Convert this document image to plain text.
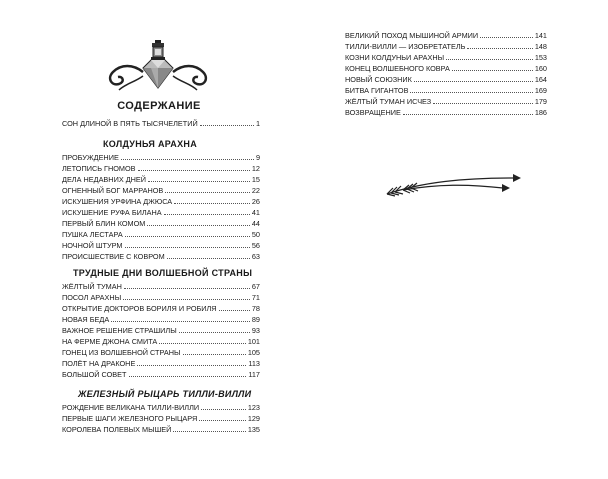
СОДЕРЖАНИЕ
СОН ДЛИНОЙ В ПЯТЬ ТЫСЯЧЕЛЕТИЙ	1
КОЛДУНЬЯ АРАХНА
ПРОБУЖДЕНИЕ	9
ЛЕТОПИСЬ ГНОМОВ	12
ДЕЛА НЕДАВНИХ ДНЕЙ	15
ОГНЕННЫЙ БОГ МАРРАНОВ	22
ИСКУШЕНИЯ УРФИНА ДЖЮСА	26
ИСКУШЕНИЕ РУФА БИЛАНА	41
ПЕРВЫЙ БЛИН КОМОМ	44
ПУШКА ЛЕСТАРА	50
НОЧНОЙ ШТУРМ	56
ПРОИСШЕСТВИЕ С КОВРОМ	63
ТРУДНЫЕ ДНИ ВОЛШЕБНОЙ СТРАНЫ
ЖЁЛТЫЙ ТУМАН	67
ПОСОЛ АРАХНЫ	71
ОТКРЫТИЕ ДОКТОРОВ БОРИЛЯ И РОБИЛЯ	78
НОВАЯ БЕДА	89
ВАЖНОЕ РЕШЕНИЕ СТРАШИЛЫ	93
НА ФЕРМЕ ДЖОНА СМИТА	101
ГОНЕЦ ИЗ ВОЛШЕБНОЙ СТРАНЫ	105
ПОЛЁТ НА ДРАКОНЕ	113
БОЛЬШОЙ СОВЕТ	117
ЖЕЛЕЗНЫЙ РЫЦАРЬ ТИЛЛИ-ВИЛЛИ
РОЖДЕНИЕ ВЕЛИКАНА ТИЛЛИ-ВИЛЛИ	123
ПЕРВЫЕ ШАГИ ЖЕЛЕЗНОГО РЫЦАРЯ	129
КОРОЛЕВА ПОЛЕВЫХ МЫШЕЙ	135
ВЕЛИКИЙ ПОХОД МЫШИНОЙ АРМИИ	141
ТИЛЛИ-ВИЛЛИ — ИЗОБРЕТАТЕЛЬ	148
КОЗНИ КОЛДУНЬИ АРАХНЫ	153
КОНЕЦ ВОЛШЕБНОГО КОВРА	160
НОВЫЙ СОЮЗНИК	164
БИТВА ГИГАНТОВ	169
ЖЁЛТЫЙ ТУМАН ИСЧЕЗ	179
ВОЗВРАЩЕНИЕ	186
